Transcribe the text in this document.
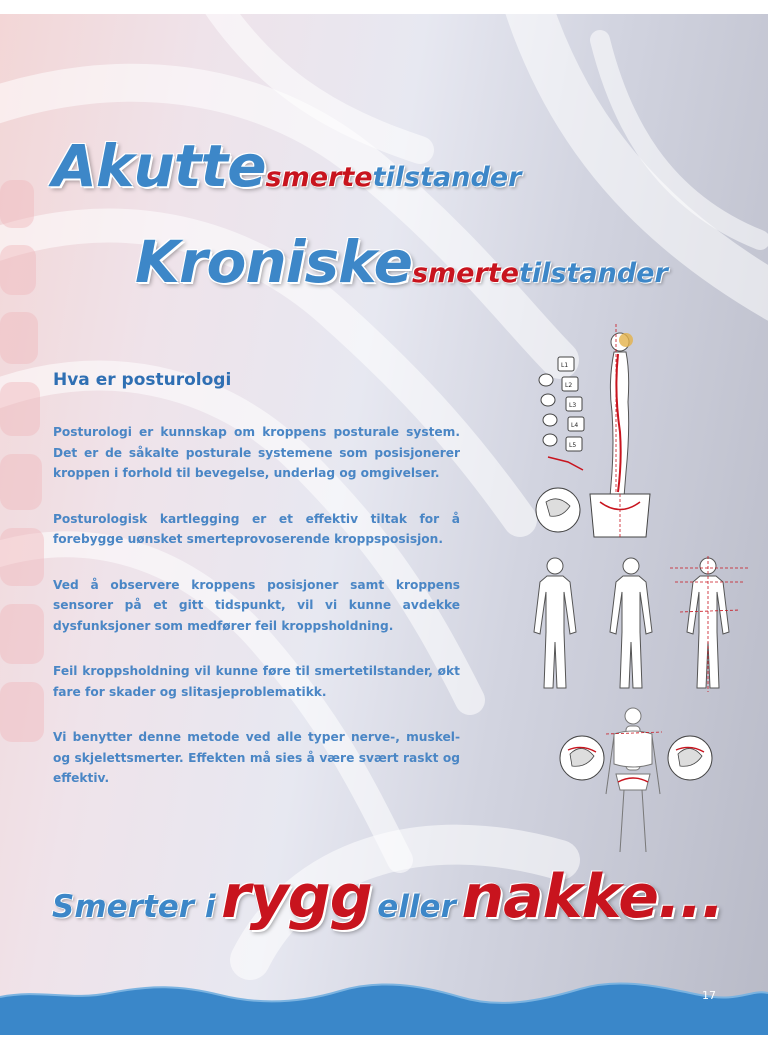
Akuttesmertetilstander
Kroniskesmertetilstander
Hva er posturologi

Posturologi er kunnskap om kroppens posturale system. Det er de såkalte posturale systemene som posisjonerer kroppen i forhold til bevegelse, underlag og omgivelser.

Posturologisk kartlegging er et effektiv tiltak for å forebygge uønsket smerteprovoserende kroppsposisjon.

Ved å observere kroppens posisjoner samt kroppens sensorer på et gitt tidspunkt, vil vi kunne avdekke dysfunksjoner som medfører feil kroppsholdning.

Feil kroppsholdning vil kunne føre til smertetilstander, økt fare for skader og slitasjeproblematikk.

Vi benytter denne metode ved alle typer nerve-, muskel- og skjelettsmerter. Effekten må sies å være svært raskt og effektiv.

L1
L2
L3
L4
L5
Smerter i rygg eller nakke...
17
